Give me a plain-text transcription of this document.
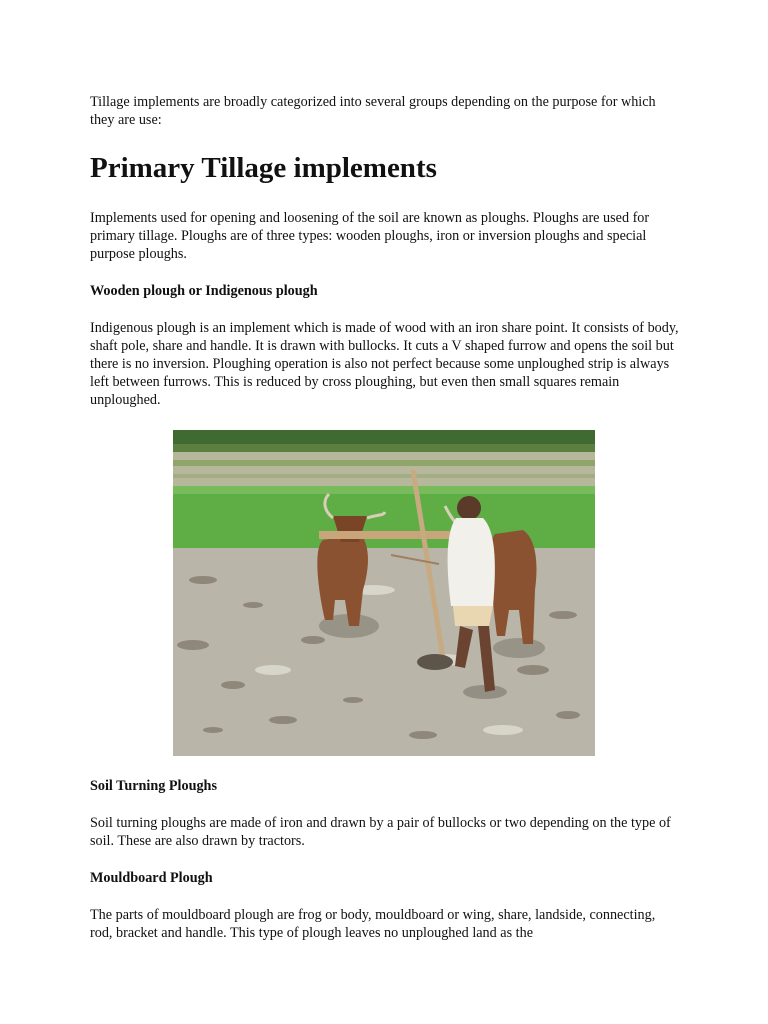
Tillage implements are broadly categorized into several groups depending on the purpose for which they are use:

Primary Tillage implements

Implements used for opening and loosening of the soil are known as ploughs. Ploughs are used for primary tillage. Ploughs are of three types: wooden ploughs, iron or inversion ploughs and special purpose ploughs.

Wooden plough or Indigenous plough

Indigenous plough is an implement which is made of wood with an iron share point. It consists of body, shaft pole, share and handle. It is drawn with bullocks. It cuts a V shaped furrow and opens the soil but there is no inversion. Ploughing operation is also not perfect because some unploughed strip is always left between furrows. This is reduced by cross ploughing, but even then small squares remain unploughed.

Soil Turning Ploughs

Soil turning ploughs are made of iron and drawn by a pair of bullocks or two depending on the type of soil. These are also drawn by tractors.

Mouldboard Plough

The parts of mouldboard plough are frog or body, mouldboard or wing, share, landside, connecting, rod, bracket and handle. This type of plough leaves no unploughed land as the
